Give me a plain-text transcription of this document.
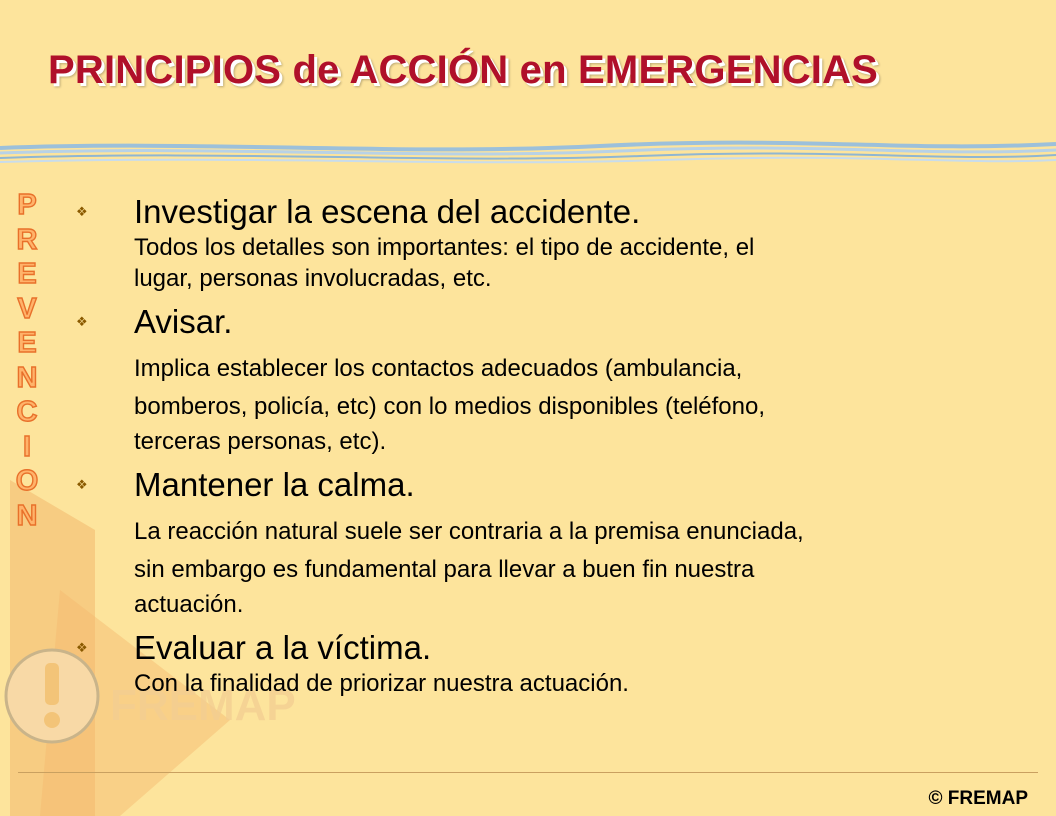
FREMAP
PRINCIPIOS de ACCIÓN en EMERGENCIAS
P
R
E
V
E
N
C
I
O
N
❖ Investigar la escena del accidente.
Todos los detalles son importantes: el tipo de accidente, el
lugar, personas involucradas, etc.
❖ Avisar.
Implica establecer los contactos adecuados (ambulancia,
bomberos, policía, etc) con lo medios disponibles (teléfono,
terceras personas, etc).
❖ Mantener la calma.
La reacción natural suele ser contraria a la premisa enunciada,
sin embargo es fundamental para llevar a buen fin nuestra
actuación.
❖ Evaluar a la víctima.
Con la finalidad de priorizar nuestra actuación.
© FREMAP
